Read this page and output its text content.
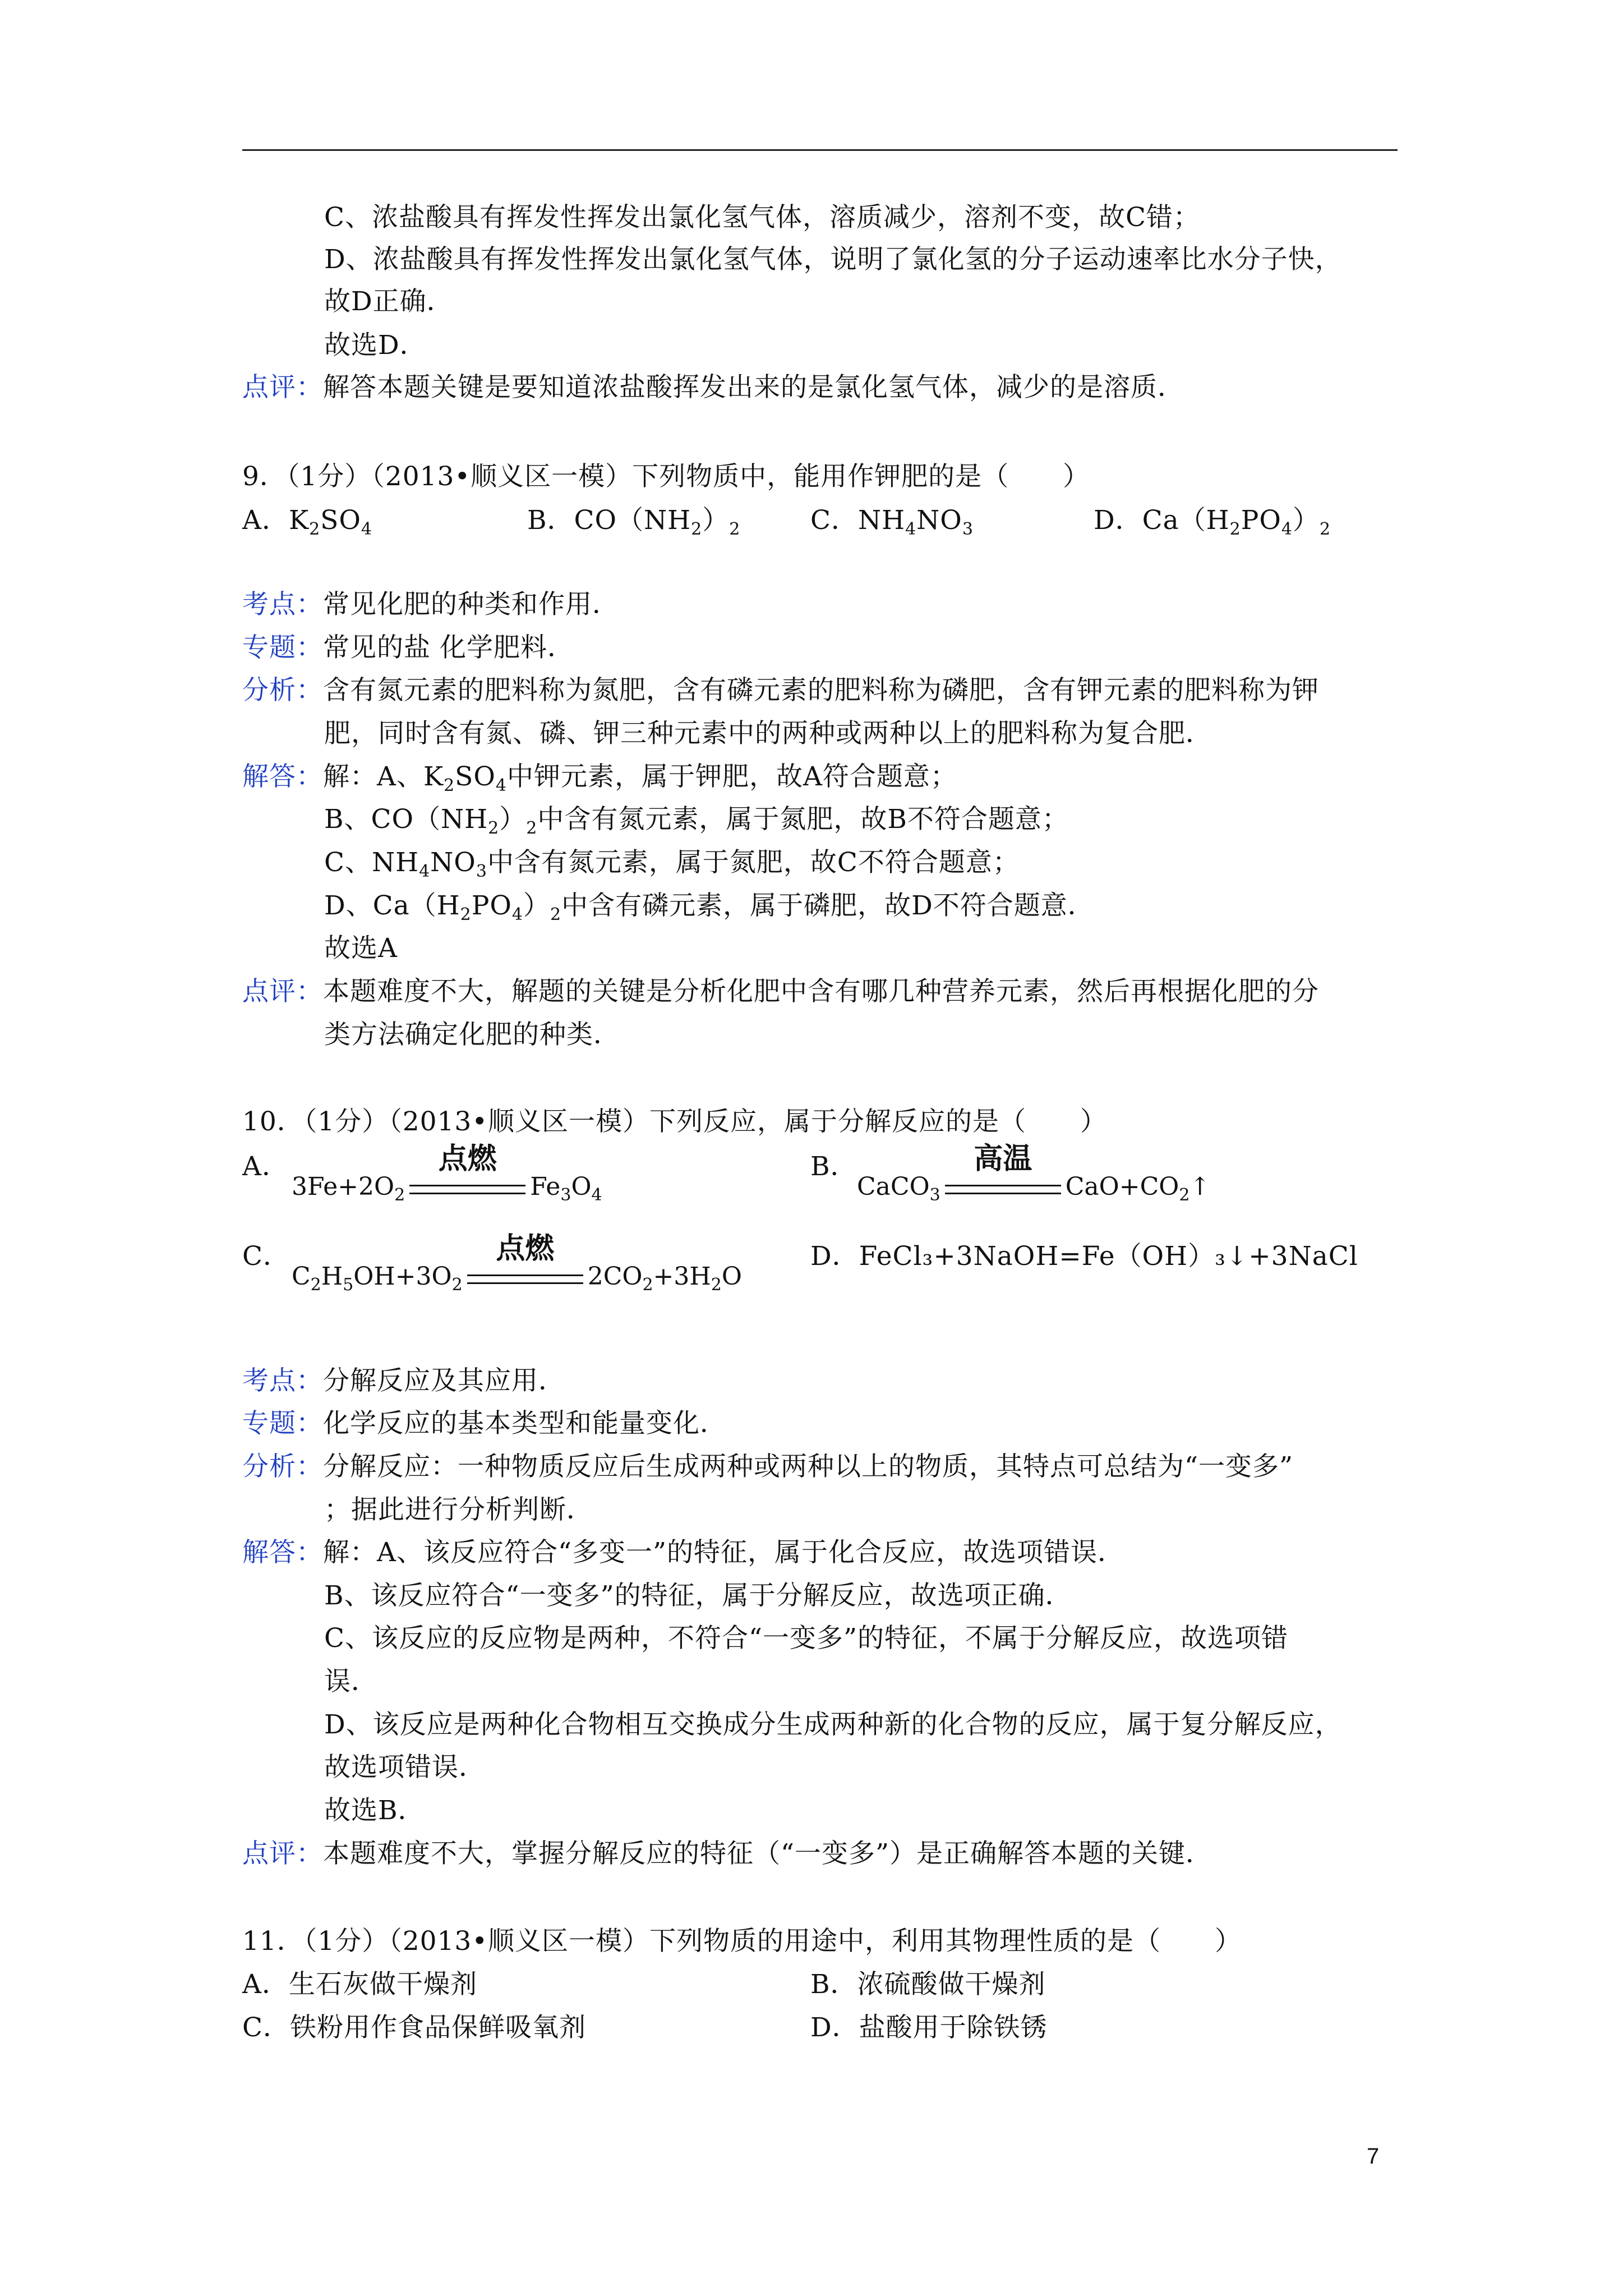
C、浓盐酸具有挥发性挥发出氯化氢气体，溶质减少，溶剂不变，故C错；
D、浓盐酸具有挥发性挥发出氯化氢气体，说明了氯化氢的分子运动速率比水分子快，
故D正确．
故选D．
点评：解答本题关键是要知道浓盐酸挥发出来的是氯化氢气体，减少的是溶质．
9．（1分）（2013•顺义区一模）下列物质中，能用作钾肥的是（　　）
A．$K_2SO_4$	B．$CO(NH_2)_2$	C．$NH_4NO_3$	D．$Ca(H_2PO_4)_2$
考点：常见化肥的种类和作用．
专题：常见的盐 化学肥料．
分析：含有氮元素的肥料称为氮肥，含有磷元素的肥料称为磷肥，含有钾元素的肥料称为钾
肥，同时含有氮、磷、钾三种元素中的两种或两种以上的肥料称为复合肥．
解答：解：A、$K_2SO_4$中钾元素，属于钾肥，故A符合题意；
B、$CO(NH_2)_2$中含有氮元素，属于氮肥，故B不符合题意；
C、$NH_4NO_3$中含有氮元素，属于氮肥，故C不符合题意；
D、$Ca(H_2PO_4)_2$中含有磷元素，属于磷肥，故D不符合题意．
故选A
点评：本题难度不大，解题的关键是分析化肥中含有哪几种营养元素，然后再根据化肥的分
类方法确定化肥的种类．
10．（1分）（2013•顺义区一模）下列反应，属于分解反应的是（　　）
A．
$3Fe+2O_2$
点燃
$Fe_3O_4$
B．
CaCO$_3$
高温
$CaO+CO_2↑$
C．
$C_2H_5OH+3O_2$
点燃
$2CO_2+3H_2O$
D．FeCl₃+3NaOH=Fe（OH）₃↓+3NaCl
考点：分解反应及其应用．
专题：化学反应的基本类型和能量变化．
分析：分解反应：一种物质反应后生成两种或两种以上的物质，其特点可总结为“一变多”
；据此进行分析判断．
解答：解：A、该反应符合“多变一”的特征，属于化合反应，故选项错误．
B、该反应符合“一变多”的特征，属于分解反应，故选项正确．
C、该反应的反应物是两种，不符合“一变多”的特征，不属于分解反应，故选项错
误．
D、该反应是两种化合物相互交换成分生成两种新的化合物的反应，属于复分解反应，
故选项错误．
故选B．
点评：本题难度不大，掌握分解反应的特征（“一变多”）是正确解答本题的关键．
11．（1分）（2013•顺义区一模）下列物质的用途中，利用其物理性质的是（　　）
A．生石灰做干燥剂	B．浓硫酸做干燥剂
C．铁粉用作食品保鲜吸氧剂	D．盐酸用于除铁锈
7
